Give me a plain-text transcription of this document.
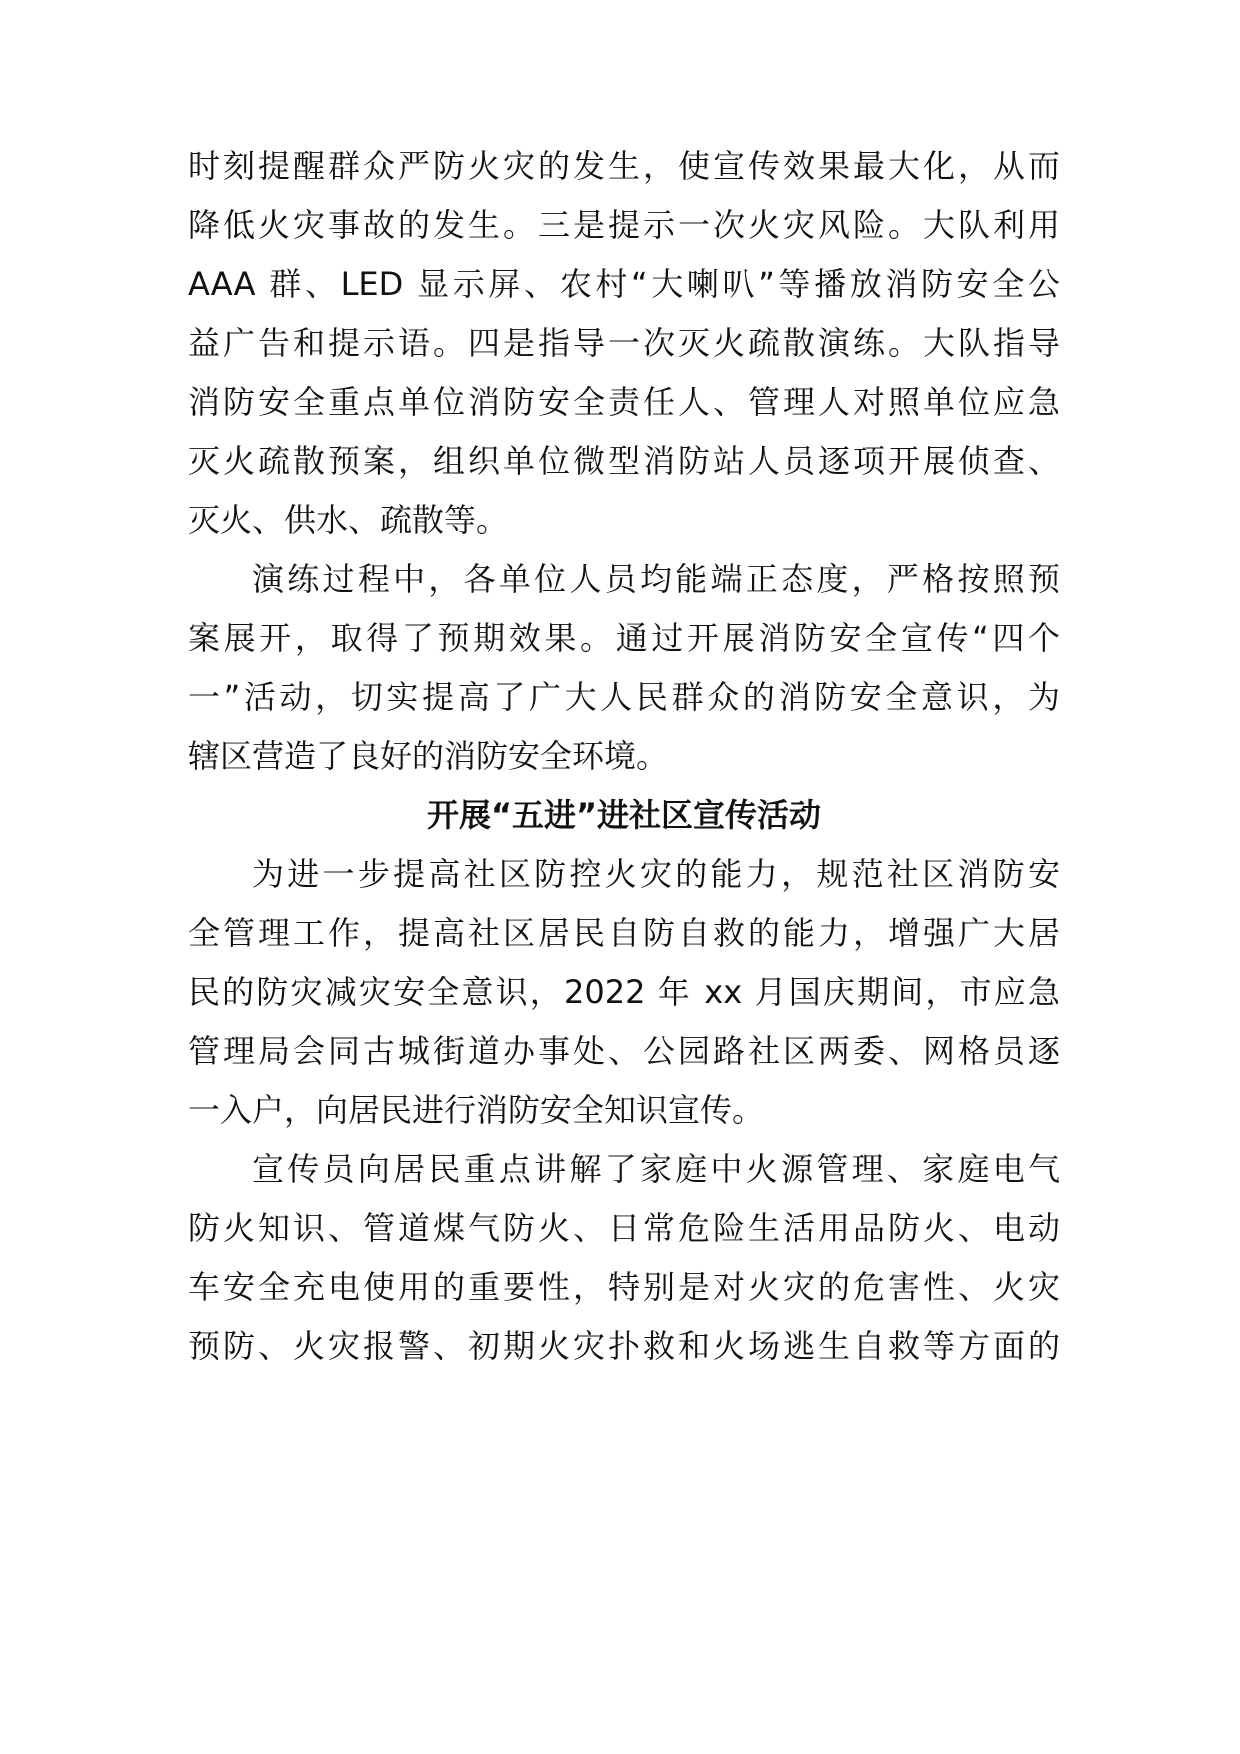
时刻提醒群众严防火灾的发生，使宣传效果最大化，从而
降低火灾事故的发生。三是提示一次火灾风险。大队利用
AAA 群、LED 显示屏、农村“大喇叭”等播放消防安全公
益广告和提示语。四是指导一次灭火疏散演练。大队指导
消防安全重点单位消防安全责任人、管理人对照单位应急
灭火疏散预案，组织单位微型消防站人员逐项开展侦查、
灭火、供水、疏散等。
演练过程中，各单位人员均能端正态度，严格按照预
案展开，取得了预期效果。通过开展消防安全宣传“四个
一”活动，切实提高了广大人民群众的消防安全意识，为
辖区营造了良好的消防安全环境。
开展“五进”进社区宣传活动
为进一步提高社区防控火灾的能力，规范社区消防安
全管理工作，提高社区居民自防自救的能力，增强广大居
民的防灾减灾安全意识，2022 年 xx 月国庆期间，市应急
管理局会同古城街道办事处、公园路社区两委、网格员逐
一入户，向居民进行消防安全知识宣传。
宣传员向居民重点讲解了家庭中火源管理、家庭电气
防火知识、管道煤气防火、日常危险生活用品防火、电动
车安全充电使用的重要性，特别是对火灾的危害性、火灾
预防、火灾报警、初期火灾扑救和火场逃生自救等方面的
